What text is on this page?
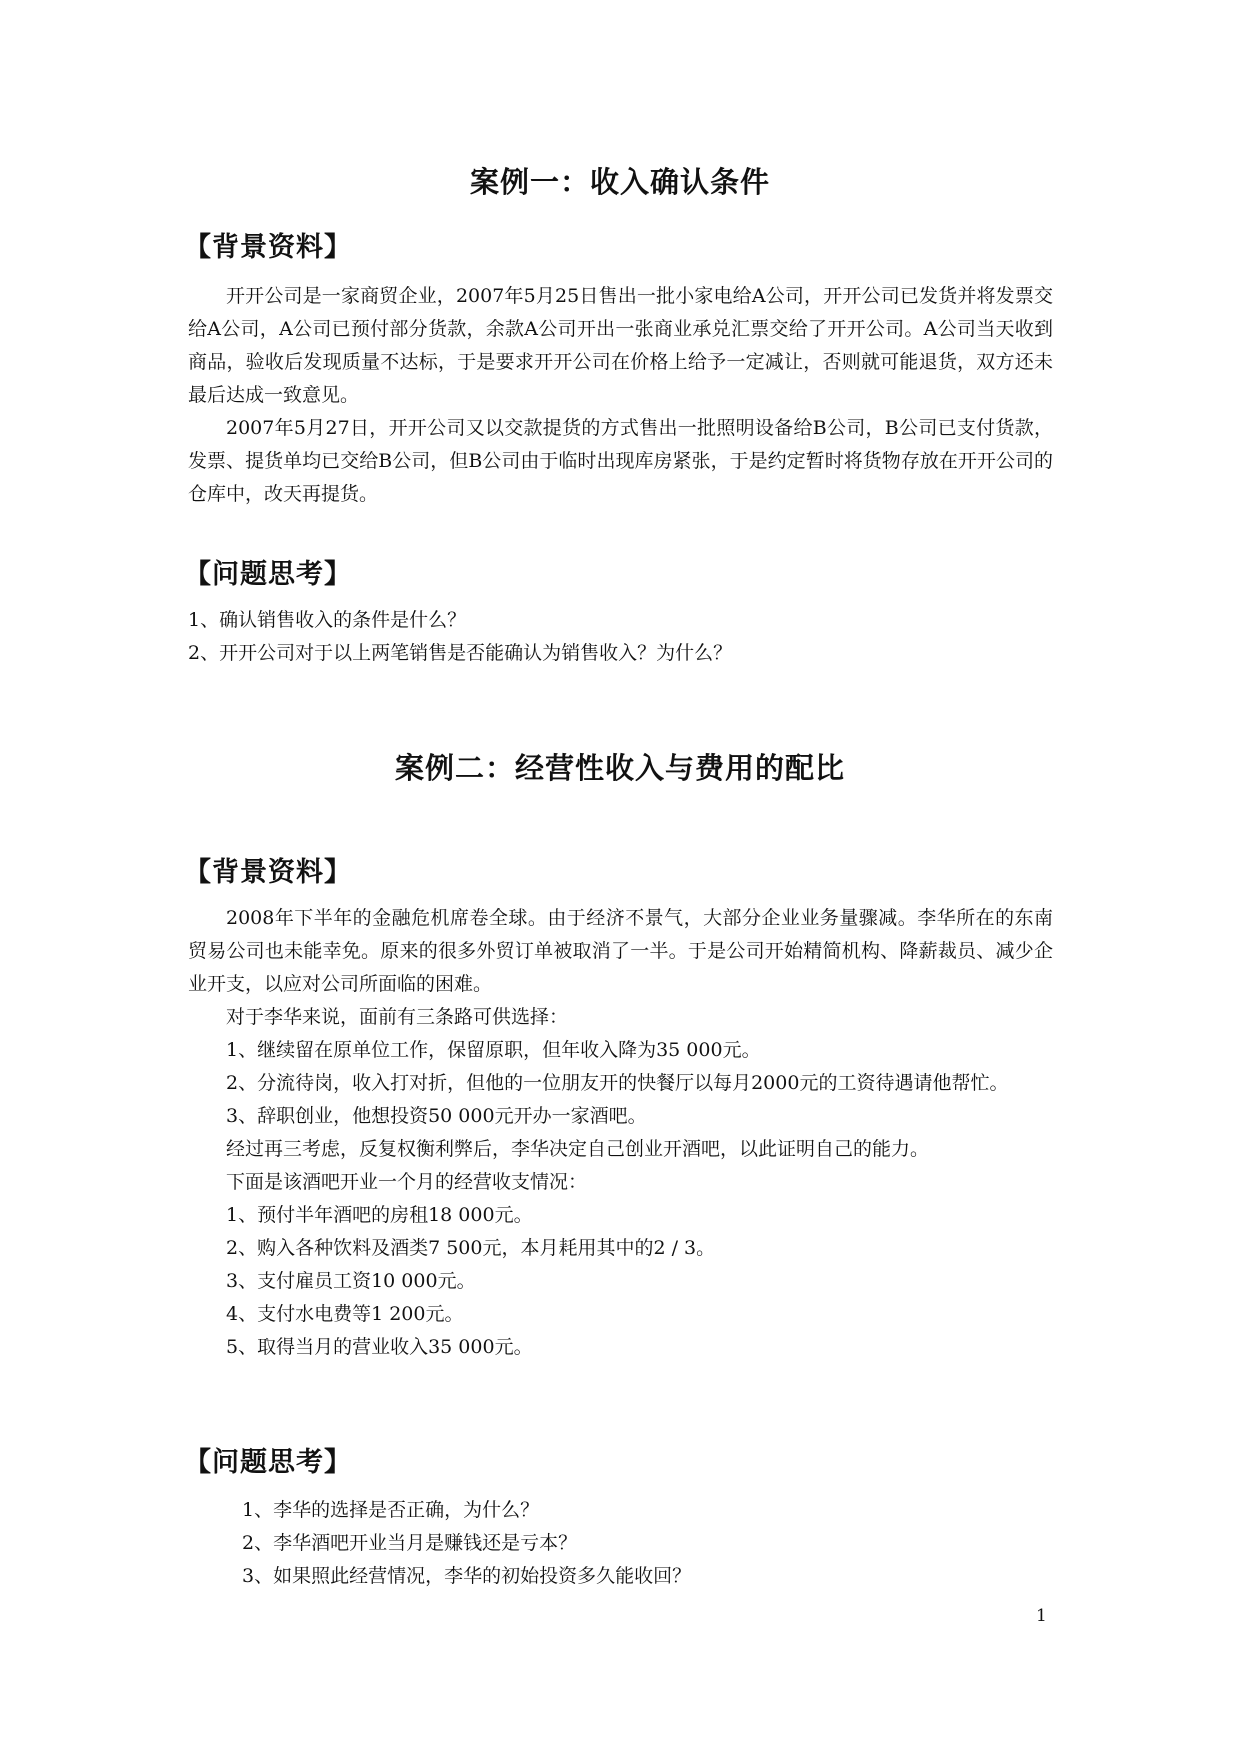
案例一：收入确认条件
【背景资料】

开开公司是一家商贸企业，2007年5月25日售出一批小家电给A公司，开开公司已发货并将发票交给A公司，A公司已预付部分货款，余款A公司开出一张商业承兑汇票交给了开开公司。A公司当天收到商品，验收后发现质量不达标，于是要求开开公司在价格上给予一定减让，否则就可能退货，双方还未最后达成一致意见。

2007年5月27日，开开公司又以交款提货的方式售出一批照明设备给B公司，B公司已支付货款，发票、提货单均已交给B公司，但B公司由于临时出现库房紧张，于是约定暂时将货物存放在开开公司的仓库中，改天再提货。

【问题思考】

1、确认销售收入的条件是什么？

2、开开公司对于以上两笔销售是否能确认为销售收入？为什么？

案例二：经营性收入与费用的配比
【背景资料】

2008年下半年的金融危机席卷全球。由于经济不景气，大部分企业业务量骤减。李华所在的东南贸易公司也未能幸免。原来的很多外贸订单被取消了一半。于是公司开始精简机构、降薪裁员、减少企业开支，以应对公司所面临的困难。

对于李华来说，面前有三条路可供选择：

1、继续留在原单位工作，保留原职，但年收入降为35 000元。

2、分流待岗，收入打对折，但他的一位朋友开的快餐厅以每月2000元的工资待遇请他帮忙。

3、辞职创业，他想投资50 000元开办一家酒吧。

经过再三考虑，反复权衡利弊后，李华决定自己创业开酒吧，以此证明自己的能力。

下面是该酒吧开业一个月的经营收支情况：

1、预付半年酒吧的房租18 000元。

2、购入各种饮料及酒类7 500元，本月耗用其中的2 / 3。

3、支付雇员工资10 000元。

4、支付水电费等1 200元。

5、取得当月的营业收入35 000元。

【问题思考】

1、李华的选择是否正确，为什么？

2、李华酒吧开业当月是赚钱还是亏本？

3、如果照此经营情况，李华的初始投资多久能收回？

1
